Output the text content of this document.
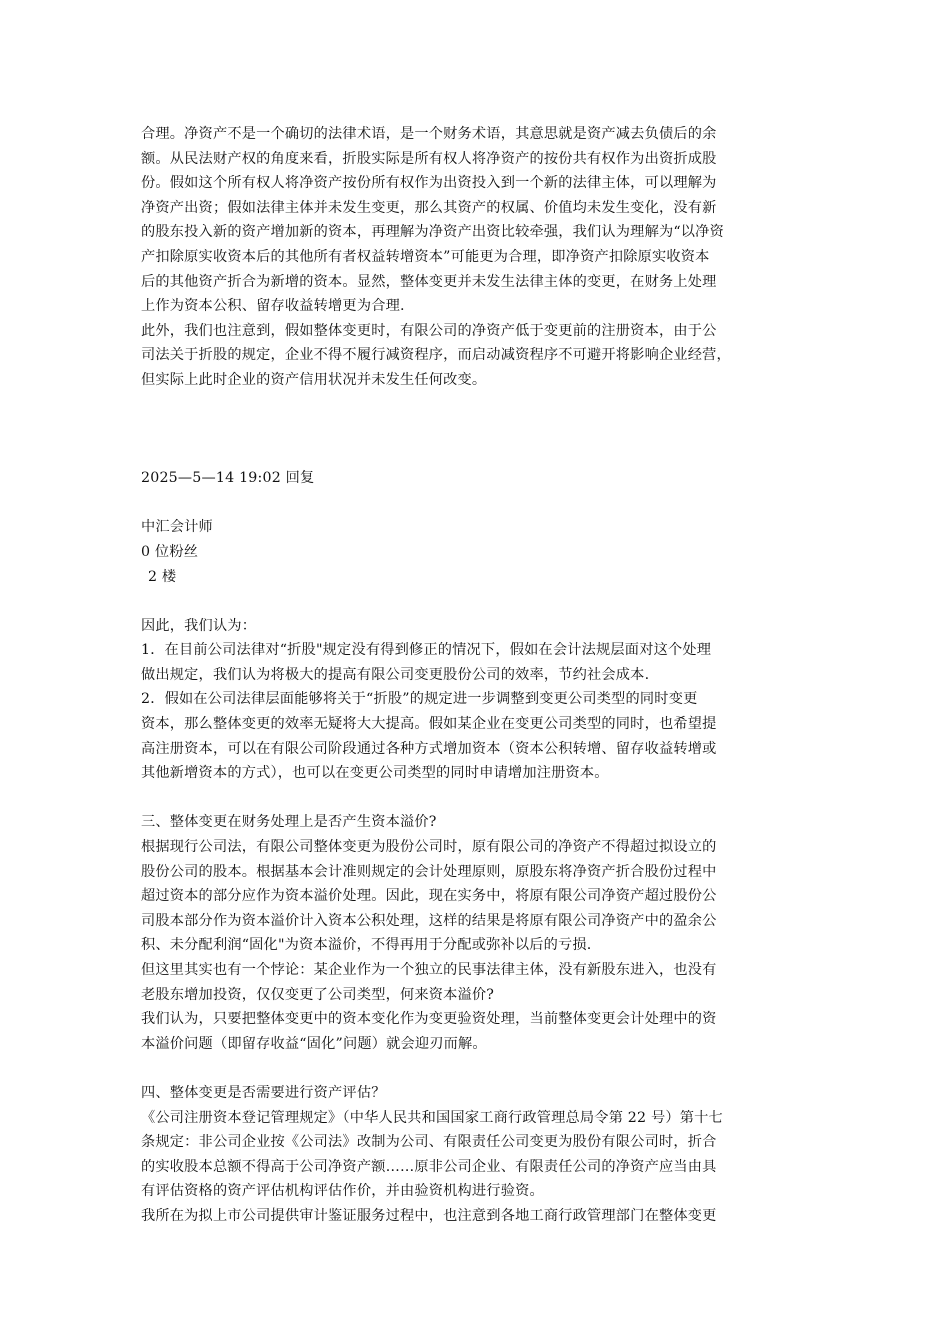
合理。净资产不是一个确切的法律术语，是一个财务术语，其意思就是资产减去负债后的余
额。从民法财产权的角度来看，折股实际是所有权人将净资产的按份共有权作为出资折成股
份。假如这个所有权人将净资产按份所有权作为出资投入到一个新的法律主体，可以理解为
净资产出资；假如法律主体并未发生变更，那么其资产的权属、价值均未发生变化，没有新
的股东投入新的资产增加新的资本，再理解为净资产出资比较牵强，我们认为理解为“以净资
产扣除原实收资本后的其他所有者权益转增资本”可能更为合理，即净资产扣除原实收资本
后的其他资产折合为新增的资本。显然，整体变更并未发生法律主体的变更，在财务上处理
上作为资本公积、留存收益转增更为合理.
此外，我们也注意到，假如整体变更时，有限公司的净资产低于变更前的注册资本，由于公
司法关于折股的规定，企业不得不履行减资程序，而启动减资程序不可避开将影响企业经营，
但实际上此时企业的资产信用状况并未发生任何改变。
2025—5—14 19:02 回复
中汇会计师
0 位粉丝
2 楼
因此，我们认为：
1．在目前公司法律对“折股"规定没有得到修正的情况下，假如在会计法规层面对这个处理
做出规定，我们认为将极大的提高有限公司变更股份公司的效率，节约社会成本.
2．假如在公司法律层面能够将关于“折股”的规定进一步调整到变更公司类型的同时变更
资本，那么整体变更的效率无疑将大大提高。假如某企业在变更公司类型的同时，也希望提
高注册资本，可以在有限公司阶段通过各种方式增加资本（资本公积转增、留存收益转增或
其他新增资本的方式），也可以在变更公司类型的同时申请增加注册资本。
三、整体变更在财务处理上是否产生资本溢价?
根据现行公司法，有限公司整体变更为股份公司时，原有限公司的净资产不得超过拟设立的
股份公司的股本。根据基本会计准则规定的会计处理原则，原股东将净资产折合股份过程中
超过资本的部分应作为资本溢价处理。因此，现在实务中，将原有限公司净资产超过股份公
司股本部分作为资本溢价计入资本公积处理，这样的结果是将原有限公司净资产中的盈余公
积、未分配利润“固化"为资本溢价，不得再用于分配或弥补以后的亏损.
但这里其实也有一个悖论：某企业作为一个独立的民事法律主体，没有新股东进入，也没有
老股东增加投资，仅仅变更了公司类型，何来资本溢价?
我们认为，只要把整体变更中的资本变化作为变更验资处理，当前整体变更会计处理中的资
本溢价问题（即留存收益“固化”问题）就会迎刃而解。
四、整体变更是否需要进行资产评估？
《公司注册资本登记管理规定》（中华人民共和国国家工商行政管理总局令第 22 号）第十七
条规定：非公司企业按《公司法》改制为公司、有限责任公司变更为股份有限公司时，折合
的实收股本总额不得高于公司净资产额……原非公司企业、有限责任公司的净资产应当由具
有评估资格的资产评估机构评估作价，并由验资机构进行验资。
我所在为拟上市公司提供审计鉴证服务过程中，也注意到各地工商行政管理部门在整体变更
